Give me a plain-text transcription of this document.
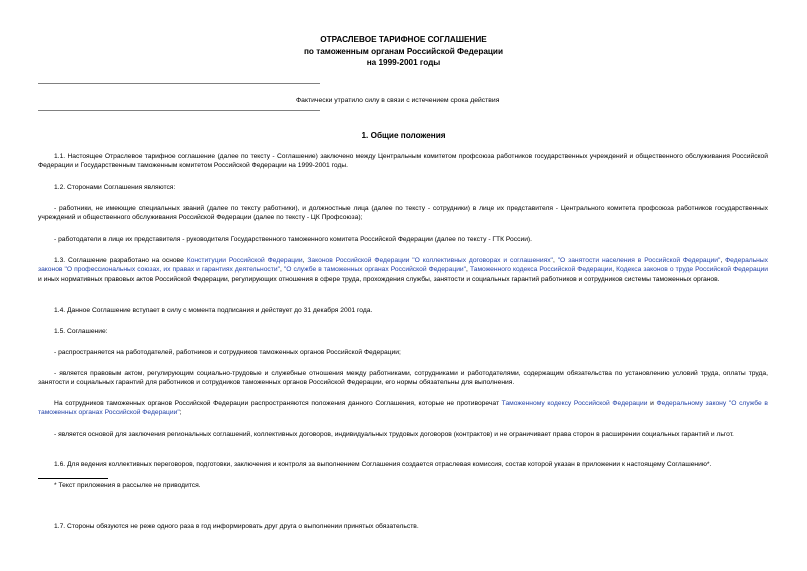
ОТРАСЛЕВОЕ ТАРИФНОЕ СОГЛАШЕНИЕ
по таможенным органам Российской Федерации
на 1999-2001 годы
Фактически утратило силу в связи с истечением срока действия
1. Общие положения

1.1. Настоящее Отраслевое тарифное соглашение (далее по тексту - Соглашение) заключено между Центральным комитетом профсоюза работников государственных учреждений и общественного обслуживания Российской Федерации и Государственным таможенным комитетом Российской Федерации на 1999-2001 годы.

1.2. Сторонами Соглашения являются:

- работники, не имеющие специальных званий (далее по тексту работники), и должностные лица (далее по тексту - сотрудники) в лице их представителя - Центрального комитета профсоюза работников государственных учреждений и общественного обслуживания Российской Федерации (далее по тексту - ЦК Профсоюза);

- работодатели в лице их представителя - руководителя Государственного таможенного комитета Российской Федерации (далее по тексту - ГТК России).

1.3. Соглашение разработано на основе Конституции Российской Федерации, Законов Российской Федерации "О коллективных договорах и соглашениях", "О занятости населения в Российской Федерации", Федеральных законов "О профессиональных союзах, их правах и гарантиях деятельности", "О службе в таможенных органах Российской Федерации", Таможенного кодекса Российской Федерации, Кодекса законов о труде Российской Федерации и иных нормативных правовых актов Российской Федерации, регулирующих отношения в сфере труда, прохождения службы, занятости и социальных гарантий работников и сотрудников системы таможенных органов.

1.4. Данное Соглашение вступает в силу с момента подписания и действует до 31 декабря 2001 года.

1.5. Соглашение:

- распространяется на работодателей, работников и сотрудников таможенных органов Российской Федерации;

- является правовым актом, регулирующим социально-трудовые и служебные отношения между работниками, сотрудниками и работодателями, содержащим обязательства по установлению условий труда, оплаты труда, занятости и социальных гарантий для работников и сотрудников таможенных органов Российской Федерации, его нормы обязательны для выполнения.

На сотрудников таможенных органов Российской Федерации распространяются положения данного Соглашения, которые не противоречат Таможенному кодексу Российской Федерации и Федеральному закону "О службе в таможенных органах Российской Федерации";

- является основой для заключения региональных соглашений, коллективных договоров, индивидуальных трудовых договоров (контрактов) и не ограничивает права сторон в расширении социальных гарантий и льгот.

1.6. Для ведения коллективных переговоров, подготовки, заключения и контроля за выполнением Соглашения создается отраслевая комиссия, состав которой указан в приложении к настоящему Соглашению*.

* Текст приложения в рассылке не приводится.

1.7. Стороны обязуются не реже одного раза в год информировать друг друга о выполнении принятых обязательств.
